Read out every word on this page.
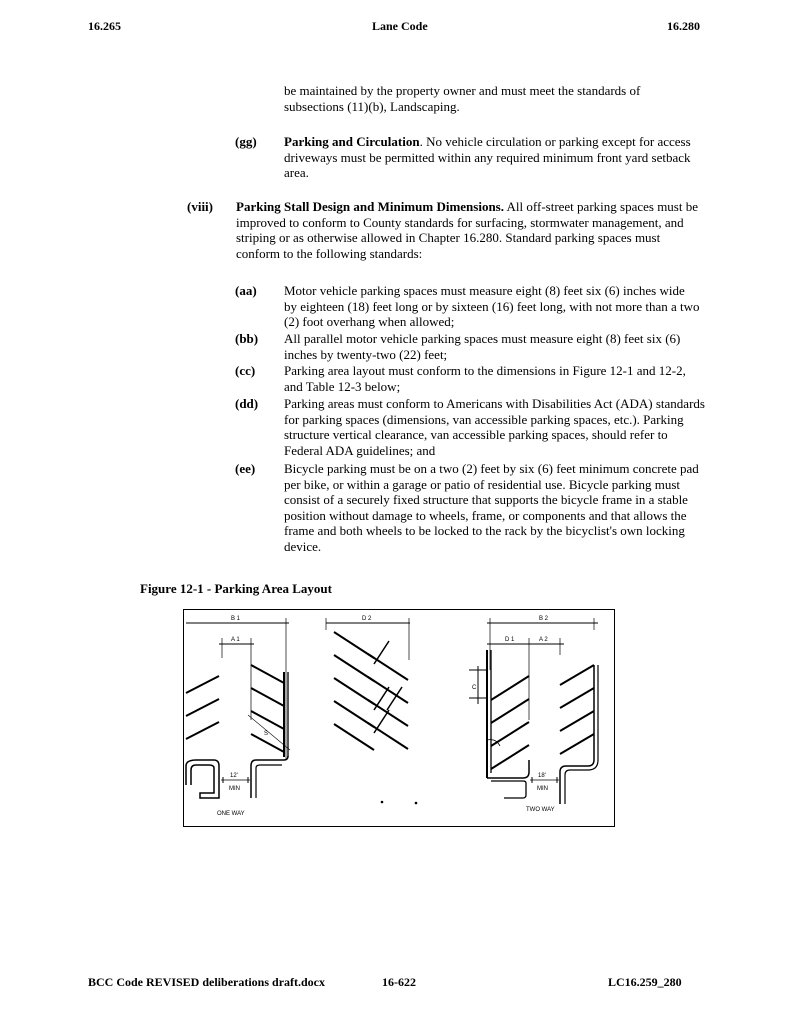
16.265	Lane Code	16.280
be maintained by the property owner and must meet the standards of subsections (11)(b), Landscaping.
(gg) Parking and Circulation. No vehicle circulation or parking except for access driveways must be permitted within any required minimum front yard setback area.
(viii) Parking Stall Design and Minimum Dimensions. All off-street parking spaces must be improved to conform to County standards for surfacing, stormwater management, and striping or as otherwise allowed in Chapter 16.280. Standard parking spaces must conform to the following standards:
(aa) Motor vehicle parking spaces must measure eight (8) feet six (6) inches wide by eighteen (18) feet long or by sixteen (16) feet long, with not more than a two (2) foot overhang when allowed;
(bb) All parallel motor vehicle parking spaces must measure eight (8) feet six (6) inches by twenty-two (22) feet;
(cc) Parking area layout must conform to the dimensions in Figure 12-1 and 12-2, and Table 12-3 below;
(dd) Parking areas must conform to Americans with Disabilities Act (ADA) standards for parking spaces (dimensions, van accessible parking spaces, etc.). Parking structure vertical clearance, van accessible parking spaces, should refer to Federal ADA guidelines; and
(ee) Bicycle parking must be on a two (2) feet by six (6) feet minimum concrete pad per bike, or within a garage or patio of residential use. Bicycle parking must consist of a securely fixed structure that supports the bicycle frame in a stable position without damage to wheels, frame, or components and that allows the frame and both wheels to be locked to the rack by the bicyclist's own locking device.
Figure 12-1 - Parking Area Layout
B 1
A 1
D 2	B 2
D 1	A 2
C
S
12'
MIN
18'
MIN
ONE WAY
TWO WAY
BCC Code REVISED deliberations draft.docx	16-622	LC16.259_280
